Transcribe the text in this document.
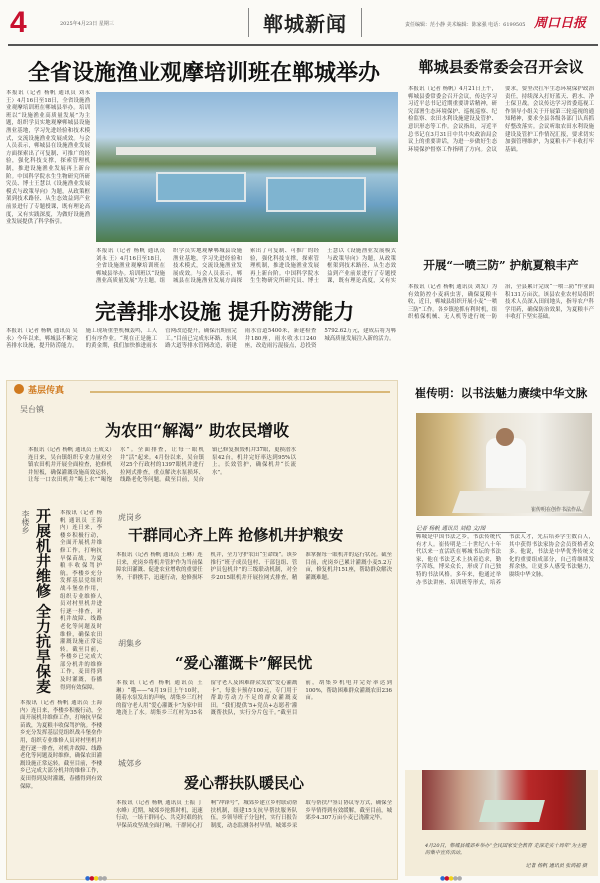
4	2025年4月23日 星期三	郸城新闻	责任编辑：范小静 美术编辑：陈家强 电话：6199505 周口日报
全省设施渔业观摩培训班在郸城举办
本报讯（记者 杨帆 通讯员 刘永 王）4月16日至18日，全省设施渔业观摩培训班在郸城县举办。培训班以“设施渔业高质量发展”为主题，组织学员实地观摩郸城县设施渔业基地，学习先进经验和技术模式，交流设施渔业发展成效。与会人员表示，郸城县在设施渔业发展方面探索出了可复制、可推广的经验，强化科技支撑，探索管理机制，推进设施渔业发展再上新台阶。中国科学院水生生物研究所研究员、博士王慧以《设施渔业发展模式与政策导向》为题，从政策框架到技术路径、从生态效益到产业前景进行了专题授课，既有理论高度，又有实践深度，为做好设施渔业发展提供了科学指引。
本报讯（记者 杨帆 通讯员 刘永 王）4月16日至18日，全省设施渔业观摩培训班在郸城县举办。培训班以“设施渔业高质量发展”为主题，组织学员实地观摩郸城县设施渔业基地，学习先进经验和技术模式，交流设施渔业发展成效。与会人员表示，郸城县在设施渔业发展方面探索出了可复制、可推广的经验，强化科技支撑，探索管理机制，推进设施渔业发展再上新台阶。中国科学院水生生物研究所研究员、博士王慧以《设施渔业发展模式与政策导向》为题，从政策框架到技术路径、从生态效益到产业前景进行了专题授课，既有理论高度，又有实
完善排水设施 提升防涝能力
本报讯（记者 杨帆 通讯员 吴永）今年以来，郸城县不断完善排水设施，提升防涝能力。施工现场重型机械轰鸣，工人们有序作业。“现在正是施工的黄金期，我们加快推进雨水管网改造提升，确保汛期前完工。”目前已完成东环路、东风路大道等排水管网改造，新建雨水管道5400米，新建检查井180座，雨水收水口240座，改造雨污混接点，总投资5792.62万元，建成后将为郸城高质量发展注入新的活力。
基层传真
吴台镇
为农田“解渴” 助农民增收
本报讯（记者 杨帆 通讯员 王成义）连日来，吴台镇组织专业力量对全镇农田机井开展全面检查，抢修机井短板，确保灌溉设施高效运转，让每一口农田机井“喝上水”“喝饱水”。全面排查，让每一眼机井“活”起来。4月份以来，吴台镇对25个行政村的1397眼机井进行拉网式排查，重点解决水泵损坏、线路老化等问题。截至目前，吴台镇已修复损毁机井37眼，更换潜水泵42台，机井完好率达到95%以上。长效管护，确保机井“长流水”。
李楼乡 开展机井维修 全力抗旱保麦 本报讯（记者 杨帆 通讯员 王海内）连日来，李楼乡积极行动，全面开展机井维修工作，打响抗旱保苗战，为夏粮丰收保驾护航。李楼乡充分发挥基层党组织战斗堡垒作用，组织专业维修人员对村里机井进行逐一排查，对机井故障、线路老化等问题及时维修，确保农田灌溉设施正常运转。截至目前，李楼乡已完成大部分机井的维修工作，麦田得到及时灌溉，春播得到有效保障。
本报讯（记者 杨帆 通讯员 王海内）连日来，李楼乡积极行动，全面开展机井维修工作，打响抗旱保苗战，为夏粮丰收保驾护航。李楼乡充分发挥基层党组织战斗堡垒作用，组织专业维修人员对村里机井进行逐一排查，对机井故障、线路老化等问题及时维修，确保农田灌溉设施正常运转。截至目前，李楼乡已完成大部分机井的维修工作，麦田得到及时灌溉，春播得到有效保障。
虎岗乡
干群同心齐上阵 抢修机井护粮安
本报讯（记者 杨帆 通讯员 王琳）连日来，虎岗乡将机井管护作为当前保障农田灌溉、促进农业增收的重要任务，干群携手，迅速行动，抢修损坏机井，全力守护农田“生命线”。该乡推行“班子成员包村、干部包组、管护员包机井”的三级联动机制，对全乡2015眼机井开展拉网式排查，精准掌握每一眼机井的运行状况。截至目前，虎岗乡已累计灌溉小麦5.2万亩，修复机井151座，帮助群众解决灌溉难题。
胡集乡
“爱心灌溉卡”解民忧
本报讯（记者 杨帆 通讯员 王琳）“哦——”4月19日上午10时，随着水泵发出的声响，胡集乡三红村的留守老人用“爱心灌溉卡”为家中田地浇上了水。胡集乡三红村为35名留守老人及困难群众发放“爱心灌溉卡”，每张卡预存100元，专门用于帮助劳动力不足的群众灌溉麦田。“我们提供‘5+党员+志愿者’灌溉帮扶队，实行分片包干。”截至目前，胡集乡机电井完好率达到100%，帮助困难群众灌溉农田236亩。
城郊乡
爱心帮扶队暖民心
本报讯（记者 杨帆 通讯员 王振 丁水峰）近期，城郊乡抢抓时机，迅速行动，一场干群同心、共克时艰的抗旱保苗攻坚战全面打响。干群同心打响“冲锋号”，城郊乡建立乡村联动帮扶机制，组建15支抗旱帮扶服务队伍，乡领导班子分包村，实行日报告制度，动态监测各村旱情。城郊乡采取与帮扶户签订协议等方式，确保全乡旱情得到有效缓解，截至目前，城郊乡4.307万亩小麦已浇灌完毕。
郸城县委常委会召开会议
本报讯（记者 杨帆）4月21日上午，郸城县委常委会召开会议，传达学习习近平总书记近期重要讲话精神，研究部署生态环境保护、巡视巡察、纪检监察、农田水利设施建设及管护、意识形态等工作。会议指出，习近平总书记在3月31日中共中央政治局会议上的重要讲话，为进一步做好生态环境保护督察工作指明了方向。会议要求，要坚决扛牢生态环境保护政治责任，持续深入打好蓝天、碧水、净土保卫战。会议传达学习省委巡视工作领导小组关于开展第三轮巡视的通知精神，要求全县各级各部门认真抓好整改落实。会议听取农田水利设施建设及管护工作情况汇报，要求切实加强管理维护，为夏粮丰产丰收打牢基础。
开展“一喷三防” 护航夏粮丰产
本报讯（记者 杨帆 通讯员 刘发）为有效防控小麦病虫害，确保夏粮丰收，近日，郸城县组织开展小麦“一喷三防”工作。各乡镇抢抓有利时机，组织植保机械、无人机等进行统一防治，全县累计完成“一喷三防”作业面积131万亩次。该县农业农村局组织技术人员深入田间地头，指导农户科学用药，确保防治效果，为夏粮丰产丰收打下坚实基础。
崔传明：以书法魅力赓续中华文脉
崔传明在创作书法作品。
记者 杨帆 通讯员 刘稳 文/图
郸城是中国书法之乡，书法传统代有才人。崔传明是二十世纪八十年代以来一直活跃在郸城书坛的书法家，他在书法艺术上执着追求，勤学苦练，博采众长，形成了自己独特的书法风格。多年来，他通过举办书法讲座、培训班等形式，培养书法人才，先后培养学生数百人，其中获得书法家协会会员资格者众多。他说，书法是中华优秀传统文化的重要组成部分，自己将继续发挥余热，让更多人感受书法魅力，赓续中华文脉。
4月20日，郸城县城郊乡举办“全民国家安全教育 走深走实十周年”为主题的集中宣传活动。
记者 杨帆 通讯员 张鸿福 摄
●●●●●	●●●●●
